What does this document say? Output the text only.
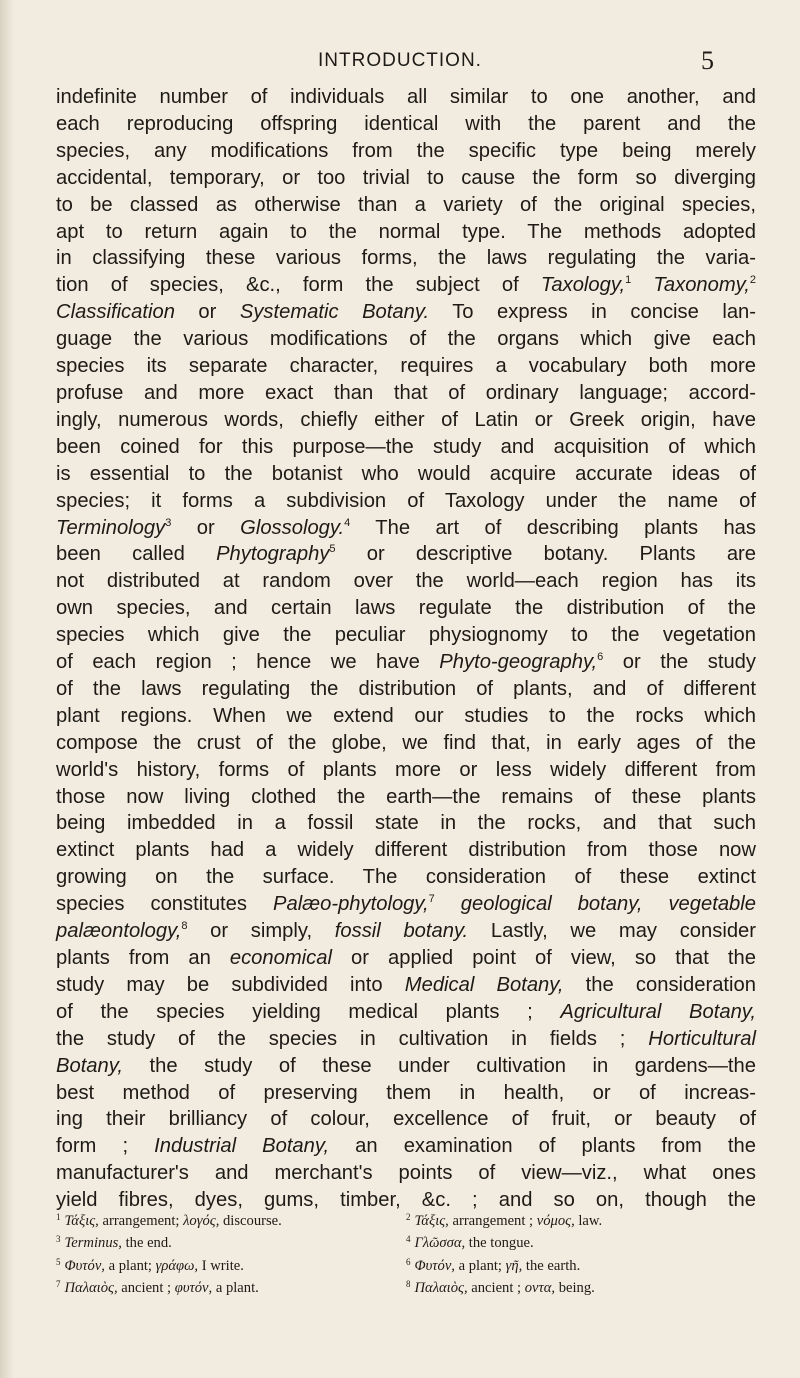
INTRODUCTION.	5
indefinite number of individuals all similar to one another, and
each reproducing offspring identical with the parent and the
species, any modifications from the specific type being merely
accidental, temporary, or too trivial to cause the form so diverging
to be classed as otherwise than a variety of the original species,
apt to return again to the normal type. The methods adopted
in classifying these various forms, the laws regulating the varia-
tion of species, &c., form the subject of Taxology,$^1$ Taxonomy,$^2$
Classification or Systematic Botany. To express in concise lan-
guage the various modifications of the organs which give each
species its separate character, requires a vocabulary both more
profuse and more exact than that of ordinary language; accord-
ingly, numerous words, chiefly either of Latin or Greek origin, have
been coined for this purpose—the study and acquisition of which
is essential to the botanist who would acquire accurate ideas of
species; it forms a subdivision of Taxology under the name of
Terminology$^3$ or Glossology.$^4$ The art of describing plants has
been called Phytography$^5$ or descriptive botany. Plants are
not distributed at random over the world—each region has its
own species, and certain laws regulate the distribution of the
species which give the peculiar physiognomy to the vegetation
of each region ; hence we have Phyto-geography,$^6$ or the study
of the laws regulating the distribution of plants, and of different
plant regions. When we extend our studies to the rocks which
compose the crust of the globe, we find that, in early ages of the
world's history, forms of plants more or less widely different from
those now living clothed the earth—the remains of these plants
being imbedded in a fossil state in the rocks, and that such
extinct plants had a widely different distribution from those now
growing on the surface. The consideration of these extinct
species constitutes Palæo-phytology,$^7$ geological botany, vegetable
palæontology,$^8$ or simply, fossil botany. Lastly, we may consider
plants from an economical or applied point of view, so that the
study may be subdivided into Medical Botany, the consideration
of the species yielding medical plants ; Agricultural Botany,
the study of the species in cultivation in fields ; Horticultural
Botany, the study of these under cultivation in gardens—the
best method of preserving them in health, or of increas-
ing their brilliancy of colour, excellence of fruit, or beauty of
form ; Industrial Botany, an examination of plants from the
manufacturer's and merchant's points of view—viz., what ones
yield fibres, dyes, gums, timber, &c. ; and so on, though the
$^1$ Τάξις, arrangement; λογός, discourse.	$^2$ Τάξις, arrangement ; νόμος, law.
$^3$ Terminus, the end.	$^4$ Γλῶσσα, the tongue.
$^5$ Φυτόν, a plant; γράφω, I write.	$^6$ Φυτόν, a plant; γῆ, the earth.
$^7$ Παλαιὸς, ancient ; φυτόν, a plant.	$^8$ Παλαιὸς, ancient ; οντα, being.
